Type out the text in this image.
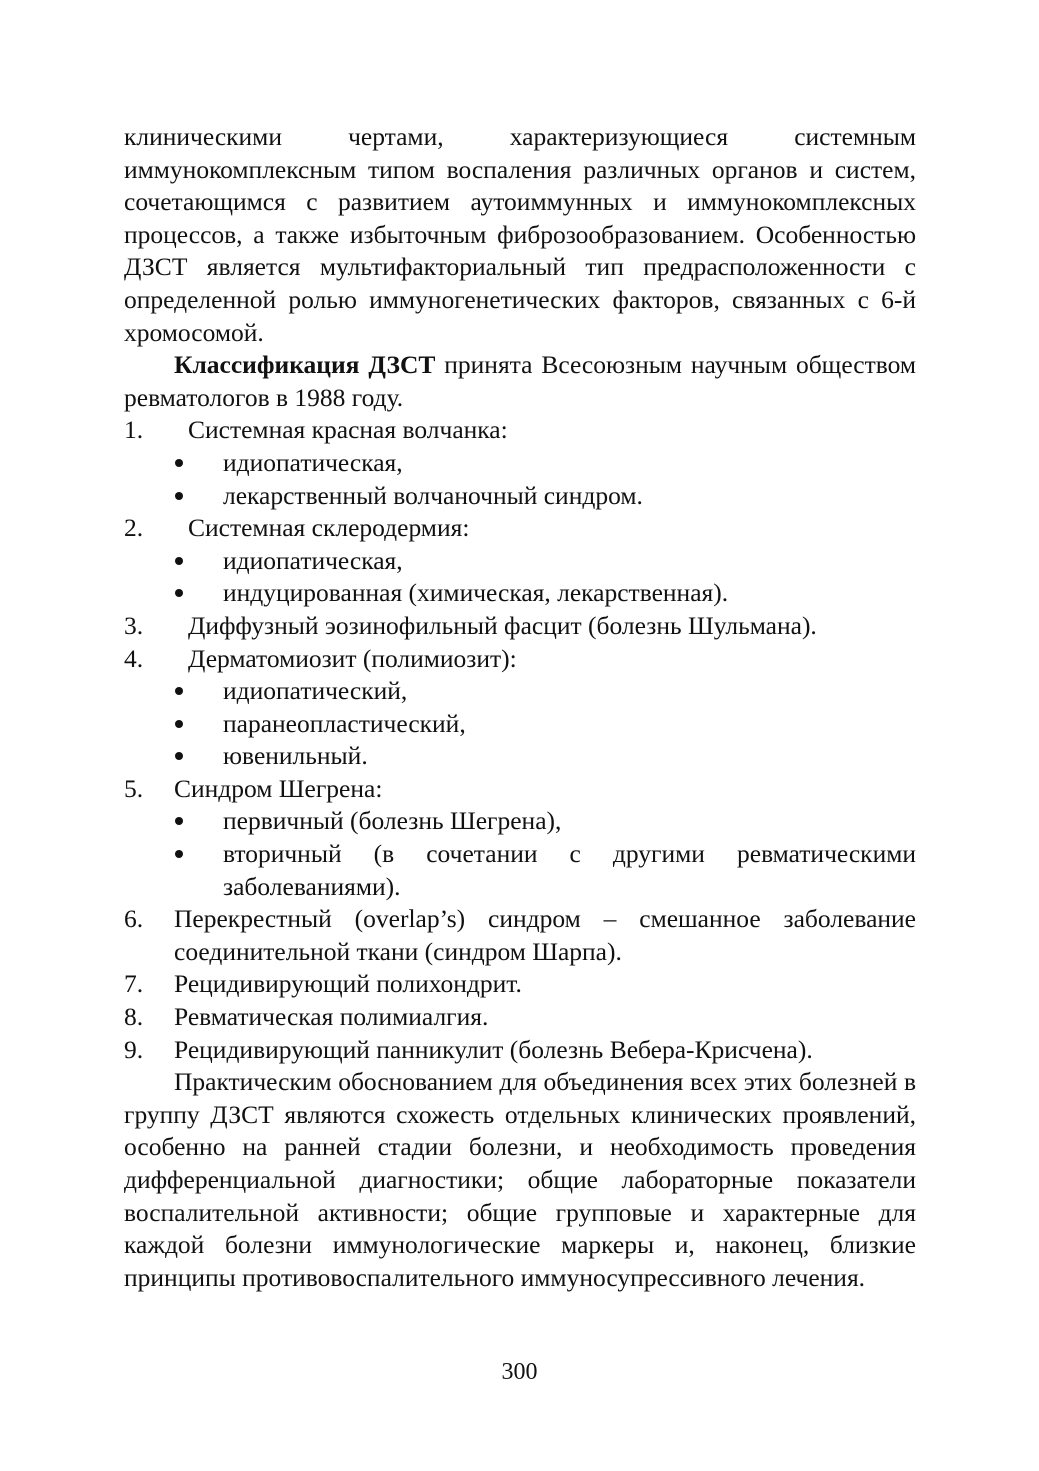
клиническими чертами, характеризующиеся системным иммунокомплексным типом воспаления различных органов и систем, сочетающимся с развитием аутоиммунных и иммунокомплексных процессов, а также избыточным фиброзообразованием. Особенностью ДЗСТ является мультифакториальный тип предрасположенности с определенной ролью иммуногенетических факторов, связанных с 6-й хромосомой.

Классификация ДЗСТ принята Всесоюзным научным обществом ревматологов в 1988 году.

1.	Системная красная волчанка:
идиопатическая,
лекарственный волчаночный синдром.
2.	Системная склеродермия:
идиопатическая,
индуцированная (химическая, лекарственная).
3.	Диффузный эозинофильный фасцит (болезнь Шульмана).
4.	Дерматомиозит (полимиозит):
идиопатический,
паранеопластический,
ювенильный.
5.	Синдром Шегрена:
первичный (болезнь Шегрена),
вторичный (в сочетании с другими ревматическими заболеваниями).
6.	Перекрестный (overlap’s) синдром – смешанное заболевание соединительной ткани (синдром Шарпа).
7.	Рецидивирующий полихондрит.
8.	Ревматическая полимиалгия.
9.	Рецидивирующий панникулит (болезнь Вебера-Крисчена).

Практическим обоснованием для объединения всех этих болезней в группу ДЗСТ являются схожесть отдельных клинических проявлений, особенно на ранней стадии болезни, и необходимость проведения дифференциальной диагностики; общие лабораторные показатели воспалительной активности; общие групповые и характерные для каждой болезни иммунологические маркеры и, наконец, близкие принципы противовоспалительного иммуносупрессивного лечения.

300
